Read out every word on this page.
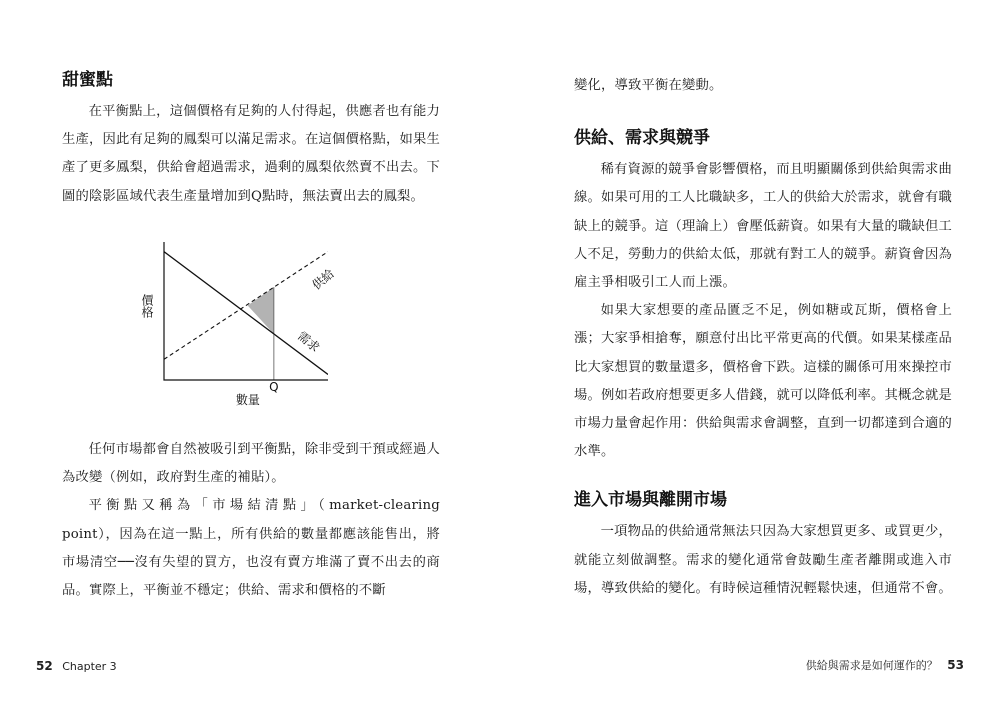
甜蜜點

在平衡點上，這個價格有足夠的人付得起，供應者也有能力生產，因此有足夠的鳳梨可以滿足需求。在這個價格點，如果生產了更多鳳梨，供給會超過需求，過剩的鳳梨依然賣不出去。下圖的陰影區域代表生產量增加到Q點時，無法賣出去的鳳梨。

供給
需求
Q
數量
價格

任何市場都會自然被吸引到平衡點，除非受到干預或經過人為改變（例如，政府對生產的補貼）。

平衡點又稱為「市場結清點」（market-clearing point），因為在這一點上，所有供給的數量都應該能售出，將市場清空──沒有失望的買方，也沒有賣方堆滿了賣不出去的商品。實際上，平衡並不穩定；供給、需求和價格的不斷

52 Chapter 3

變化，導致平衡在變動。

供給、需求與競爭

稀有資源的競爭會影響價格，而且明顯關係到供給與需求曲線。如果可用的工人比職缺多，工人的供給大於需求，就會有職缺上的競爭。這（理論上）會壓低薪資。如果有大量的職缺但工人不足，勞動力的供給太低，那就有對工人的競爭。薪資會因為雇主爭相吸引工人而上漲。

如果大家想要的產品匱乏不足，例如糖或瓦斯，價格會上漲；大家爭相搶奪，願意付出比平常更高的代價。如果某樣產品比大家想買的數量還多，價格會下跌。這樣的關係可用來操控市場。例如若政府想要更多人借錢，就可以降低利率。其概念就是市場力量會起作用：供給與需求會調整，直到一切都達到合適的水準。

進入市場與離開市場

一項物品的供給通常無法只因為大家想買更多、或買更少，就能立刻做調整。需求的變化通常會鼓勵生產者離開或進入市場，導致供給的變化。有時候這種情況輕鬆快速，但通常不會。

供給與需求是如何運作的？ 53
